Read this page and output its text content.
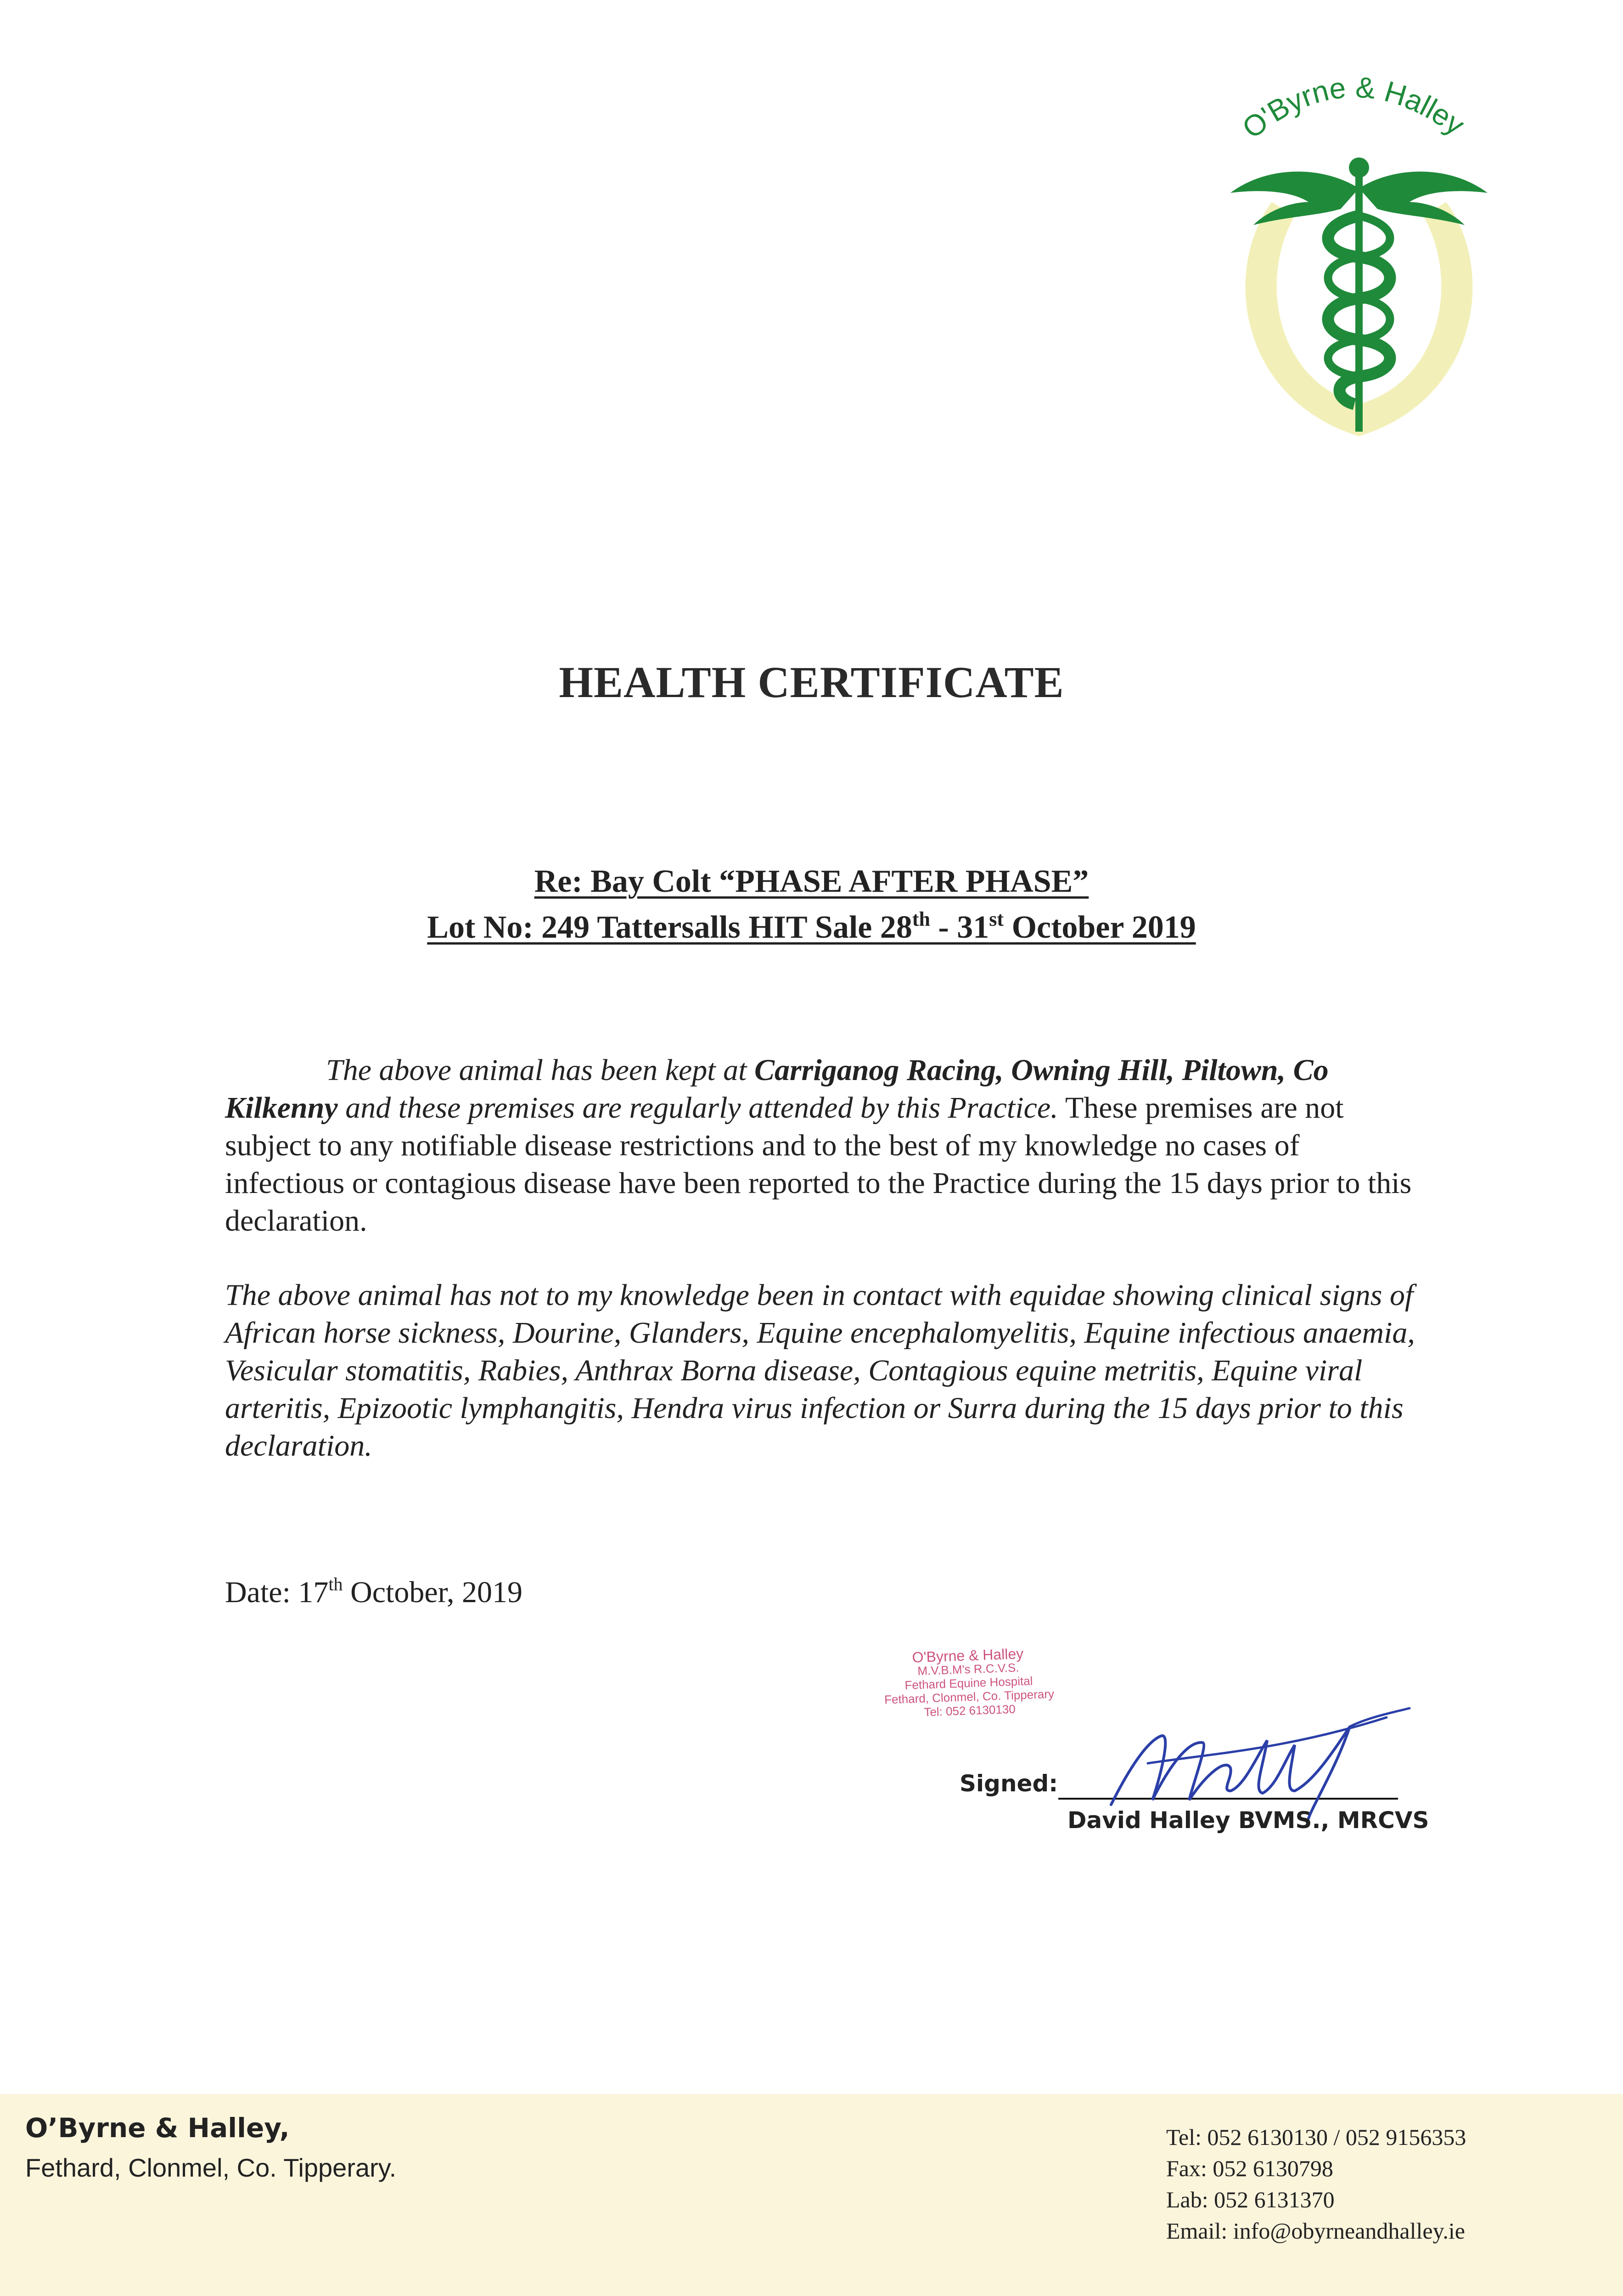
O'Byrne & Halley
HEALTH CERTIFICATE
Re: Bay Colt “PHASE AFTER PHASE”
Lot No: 249 Tattersalls HIT Sale 28th - 31st October 2019
The above animal has been kept at Carriganog Racing, Owning Hill, Piltown, Co Kilkenny and these premises are regularly attended by this Practice. These premises are not subject to any notifiable disease restrictions and to the best of my knowledge no cases of infectious or contagious disease have been reported to the Practice during the 15 days prior to this declaration.
The above animal has not to my knowledge been in contact with equidae showing clinical signs of African horse sickness, Dourine, Glanders, Equine encephalomyelitis, Equine infectious anaemia, Vesicular stomatitis, Rabies, Anthrax Borna disease, Contagious equine metritis, Equine viral arteritis, Epizootic lymphangitis, Hendra virus infection or Surra during the 15 days prior to this declaration.
Date: 17th October, 2019
O'Byrne & Halley
M.V.B.M's R.C.V.S.
Fethard Equine Hospital
Fethard, Clonmel, Co. Tipperary
Tel: 052 6130130
Signed:
David Halley BVMS., MRCVS
O’Byrne & Halley,
Fethard, Clonmel, Co. Tipperary.
Tel: 052 6130130 / 052 9156353
Fax: 052 6130798
Lab: 052 6131370
Email: info@obyrneandhalley.ie
